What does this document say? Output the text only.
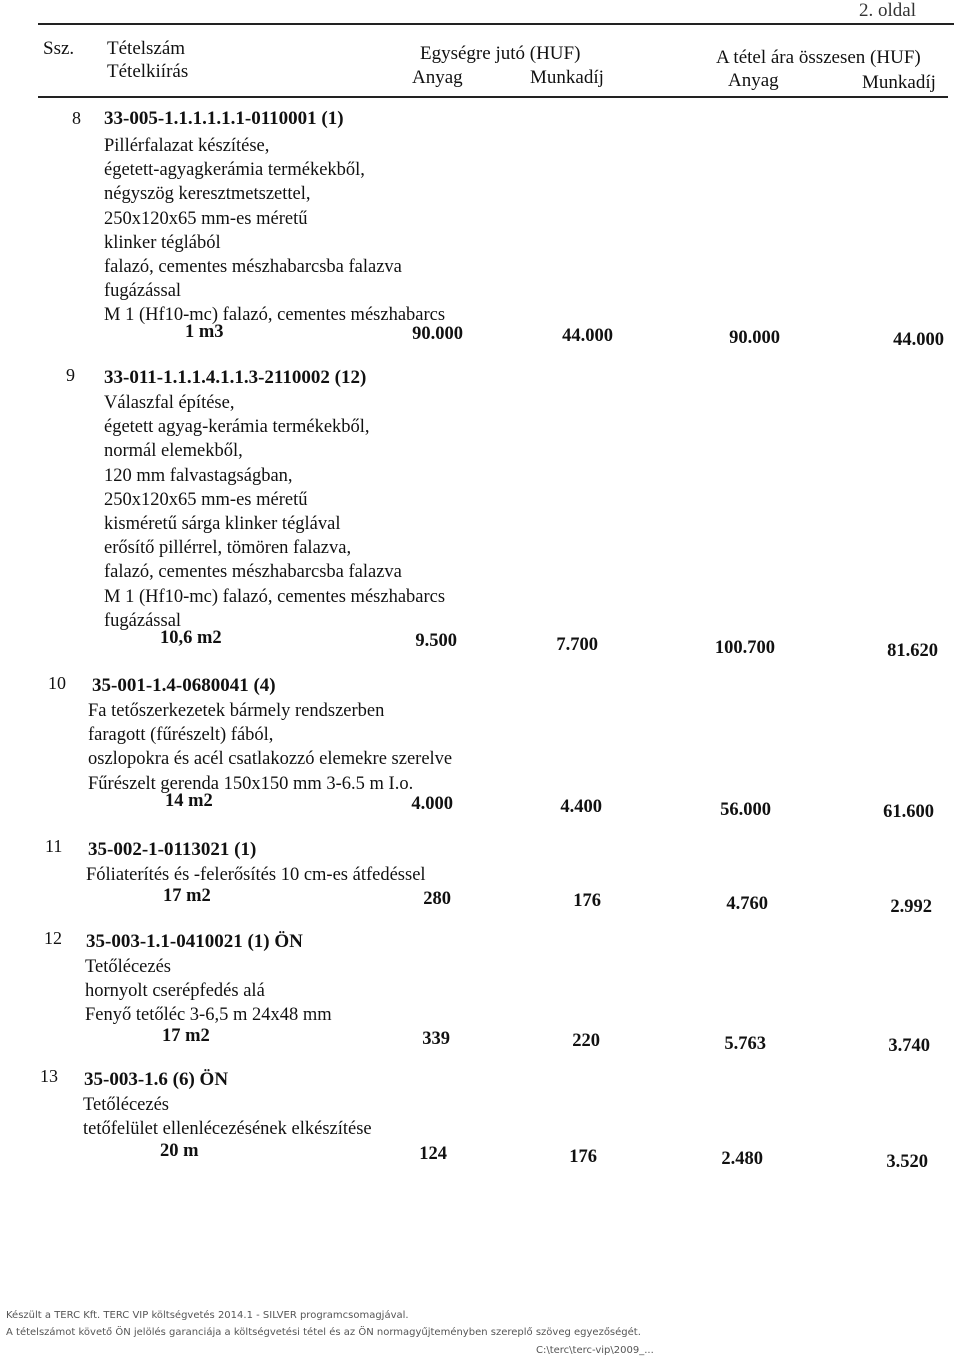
2. oldal
Ssz. Tételszám
Tételkiírás
Egységre jutó (HUF)	A tétel ára összesen (HUF)
Anyag	Munkadíj	Anyag	Munkadíj
8 33-005-1.1.1.1.1.1-0110001 (1)
Pillérfalazat készítése,
égetett-agyagkerámia termékekből,
négyszög keresztmetszettel,
250x120x65 mm-es méretű
klinker téglából
falazó, cementes mészhabarcsba falazva
fugázással
M 1 (Hf10-mc) falazó, cementes mészhabarcs
1 m3	90.000	44.000	90.000	44.000
9 33-011-1.1.1.4.1.1.3-2110002 (12)
Válaszfal építése,
égetett agyag-kerámia termékekből,
normál elemekből,
120 mm falvastagságban,
250x120x65 mm-es méretű
kisméretű sárga klinker téglával
erősítő pillérrel, tömören falazva,
falazó, cementes mészhabarcsba falazva
M 1 (Hf10-mc) falazó, cementes mészhabarcs
fugázással
10,6 m2	9.500	7.700	100.700	81.620
10 35-001-1.4-0680041 (4)
Fa tetőszerkezetek bármely rendszerben
faragott (fűrészelt) fából,
oszlopokra és acél csatlakozzó elemekre szerelve
Fűrészelt gerenda 150x150 mm 3-6.5 m I.o.
14 m2	4.000	4.400	56.000	61.600
11 35-002-1-0113021 (1)
Fóliaterítés és -felerősítés 10 cm-es átfedéssel
17 m2	280	176	4.760	2.992
12 35-003-1.1-0410021 (1) ÖN
Tetőlécezés
hornyolt cserépfedés alá
Fenyő tetőléc 3-6,5 m 24x48 mm
17 m2	339	220	5.763	3.740
13 35-003-1.6 (6) ÖN
Tetőlécezés
tetőfelület ellenlécezésének elkészítése
20 m	124	176	2.480	3.520
Készült a TERC Kft. TERC VIP költségvetés 2014.1 - SILVER programcsomagjával.
A tételszámot követő ÖN jelölés garanciája a költségvetési tétel és az ÖN normagyűjteményben szereplő szöveg egyezőségét.
C:\terc\terc-vip\2009_...
